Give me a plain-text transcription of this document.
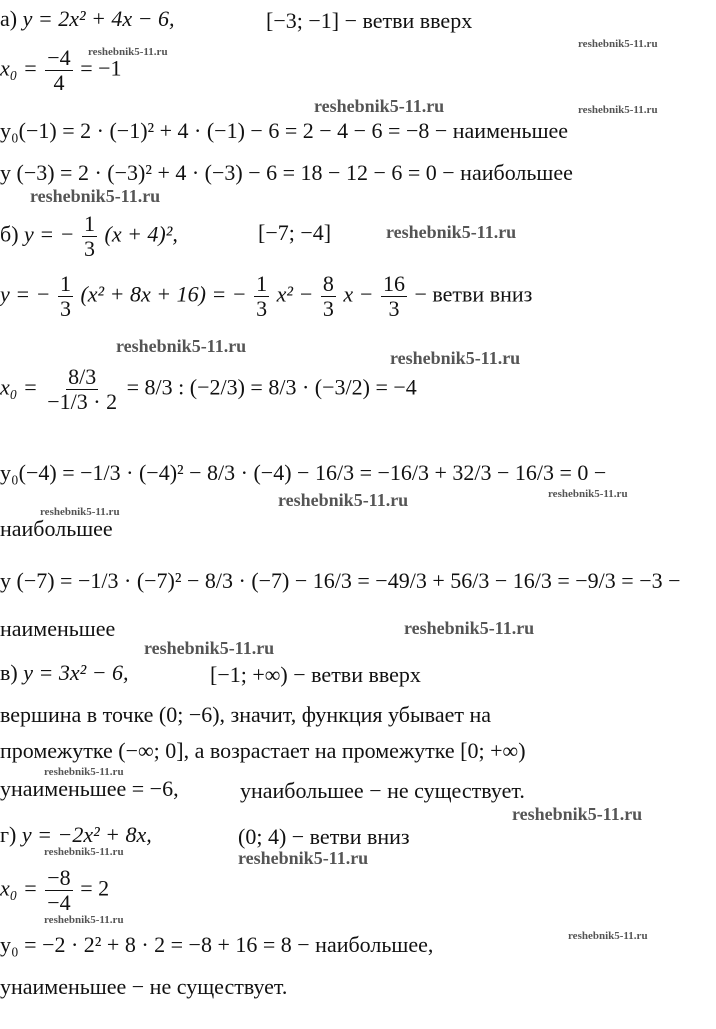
а) y = 2x² + 4x − 6,	[−3; −1] − ветви вверх
$x_0 = \frac{-4}{4} = -1$
y₀(−1) = 2 · (−1)² + 4 · (−1) − 6 = 2 − 4 − 6 = −8 − наименьшее
y (−3) = 2 · (−3)² + 4 · (−3) − 6 = 18 − 12 − 6 = 0 − наибольшее
б) y = − $\frac{1}{3} (x + 4)^2$,	[−7; −4]
y = − $\frac{1}{3} (x^2 + 8x + 16)$ = − $\frac{1}{3} x^2 - \frac{8}{3}$ $x - \frac{16}{3}$ − ветви вниз
$x_0 = \frac{8/3}{-1/3 \cdot 2} = 8/3$ : (−2/3) = 8/3 · (−3/2) = −4
y₀(−4) = −1/3 · (−4)² − 8/3 · (−4) − 16/3 = −16/3 + 32/3 − 16/3 = 0 −
наибольшее
y (−7) = −1/3 · (−7)² − 8/3 · (−7) − 16/3 = −49/3 + 56/3 − 16/3 = −9/3 = −3 −
наименьшее
в) y = 3x² − 6,	[−1; +∞) − ветви вверх
вершина в точке (0; −6), значит, функция убывает на
промежутке (−∞; 0], а возрастает на промежутке [0; +∞)
yнаименьшее = −6,	yнаибольшее − не существует.
г) y = −2x² + 8x,	(0; 4) − ветви вниз
$x_0 = \frac{-8}{-4} = 2$
y₀ = −2 · 2² + 8 · 2 = −8 + 16 = 8 − наибольшее,
yнаименьшее − не существует.
reshebnik5-11.ru
reshebnik5-11.ru
reshebnik5-11.ru	reshebnik5-11.ru
reshebnik5-11.ru
reshebnik5-11.ru
reshebnik5-11.ru
reshebnik5-11.ru
reshebnik5-11.ru	reshebnik5-11.ru
reshebnik5-11.ru
reshebnik5-11.ru
reshebnik5-11.ru
reshebnik5-11.ru
reshebnik5-11.ru
reshebnik5-11.ru	reshebnik5-11.ru
reshebnik5-11.ru
reshebnik5-11.ru
